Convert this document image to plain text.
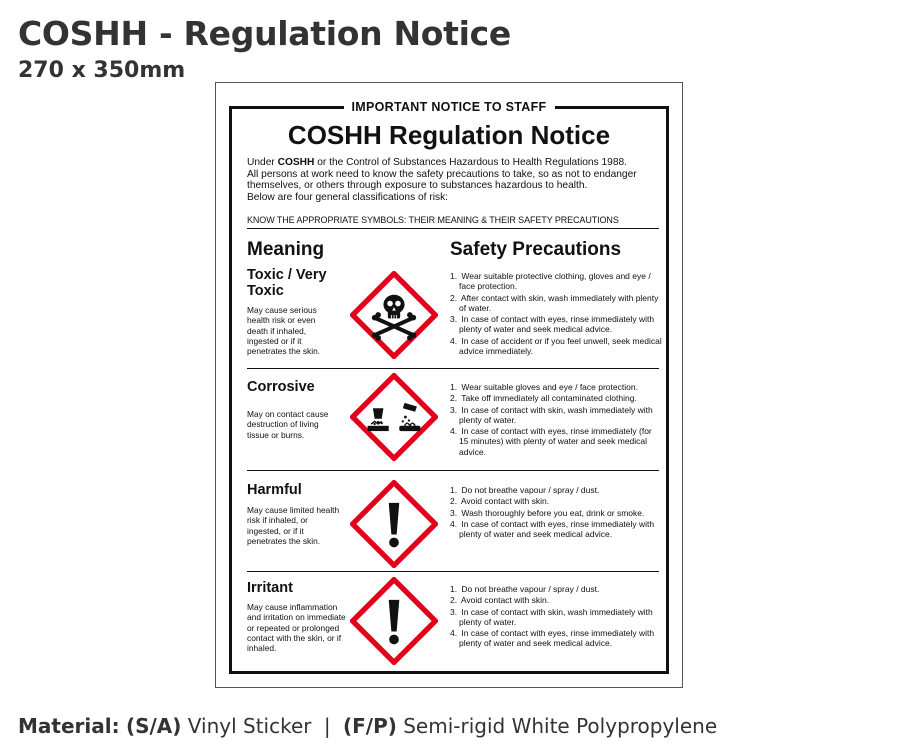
COSHH - Regulation Notice
270 x 350mm
IMPORTANT NOTICE TO STAFF
COSHH Regulation Notice

Under COSHH or the Control of Substances Hazardous to Health Regulations 1988.

All persons at work need to know the safety precautions to take, so as not to endanger themselves, or others through exposure to substances hazardous to health.

Below are four general classifications of risk:

KNOW THE APPROPRIATE SYMBOLS: THEIR MEANING & THEIR SAFETY PRECAUTIONS
Meaning	Safety Precautions
Toxic / Very Toxic
May cause serious health risk or even death if inhaled, ingested or if it penetrates the skin.
1. Wear suitable protective clothing, gloves and eye / face protection.
2. After contact with skin, wash immediately with plenty of water.
3. In case of contact with eyes, rinse immediately with plenty of water and seek medical advice.
4. In case of accident or if you feel unwell, seek medical advice immediately.
Corrosive
May on contact cause destruction of living tissue or burns.
1. Wear suitable gloves and eye / face protection.
2. Take off immediately all contaminated clothing.
3. In case of contact with skin, wash immediately with plenty of water.
4. In case of contact with eyes, rinse immediately (for 15 minutes) with plenty of water and seek medical advice.
Harmful
May cause limited health risk if inhaled, or ingested, or if it penetrates the skin.
1. Do not breathe vapour / spray / dust.
2. Avoid contact with skin.
3. Wash thoroughly before you eat, drink or smoke.
4. In case of contact with eyes, rinse immediately with plenty of water and seek medical advice.
Irritant
May cause inflammation and irritation on immediate or repeated or prolonged contact with the skin, or if inhaled.
1. Do not breathe vapour / spray / dust.
2. Avoid contact with skin.
3. In case of contact with skin, wash immediately with plenty of water.
4. In case of contact with eyes, rinse immediately with plenty of water and seek medical advice.
Material: (S/A) Vinyl Sticker | (F/P) Semi-rigid White Polypropylene
